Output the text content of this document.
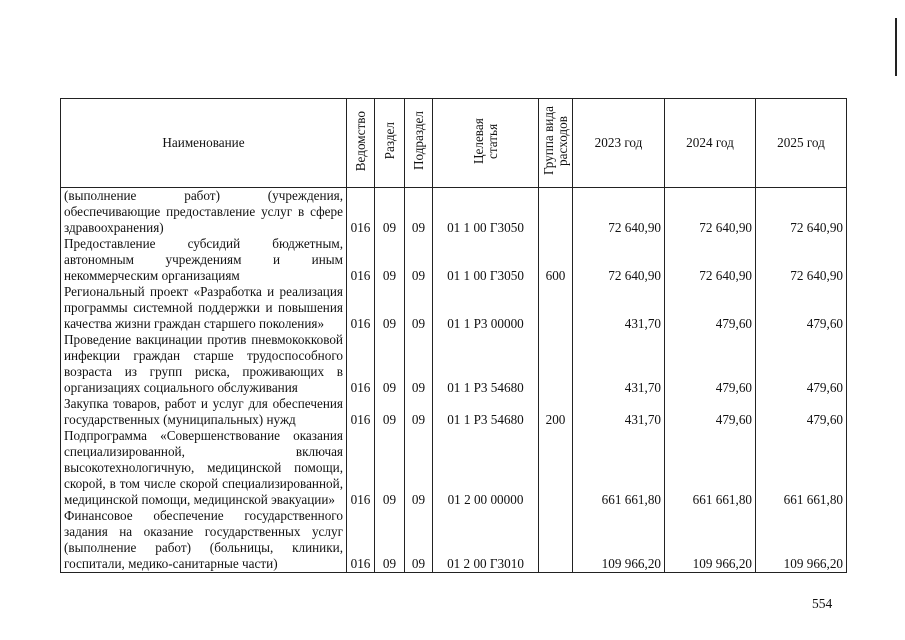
Наименование	Ведомство	Раздел	Подраздел	Целевая статья	Группа вида расходов	2023 год	2024 год	2025 год
(выполнение работ) (учреждения, обеспечивающие предоставление услуг в сфере здравоохранения)	016	09	09	01 1 00 Г3050		72 640,90	72 640,90	72 640,90
Предоставление субсидий бюджетным, автономным учреждениям и иным некоммерческим организациям	016	09	09	01 1 00 Г3050	600	72 640,90	72 640,90	72 640,90
Региональный проект «Разработка и реализация программы системной поддержки и повышения качества жизни граждан старшего поколения»	016	09	09	01 1 P3 00000		431,70	479,60	479,60
Проведение вакцинации против пневмококковой инфекции граждан старше трудоспособного возраста из групп риска, проживающих в организациях социального обслуживания	016	09	09	01 1 P3 54680		431,70	479,60	479,60
Закупка товаров, работ и услуг для обеспечения государственных (муниципальных) нужд	016	09	09	01 1 P3 54680	200	431,70	479,60	479,60
Подпрограмма «Совершенствование оказания специализированной, включая высокотехнологичную, медицинской помощи, скорой, в том числе скорой специализированной, медицинской помощи, медицинской эвакуации»	016	09	09	01 2 00 00000		661 661,80	661 661,80	661 661,80
Финансовое обеспечение государственного задания на оказание государственных услуг (выполнение работ) (больницы, клиники, госпитали, медико-санитарные части)	016	09	09	01 2 00 Г3010		109 966,20	109 966,20	109 966,20
554
